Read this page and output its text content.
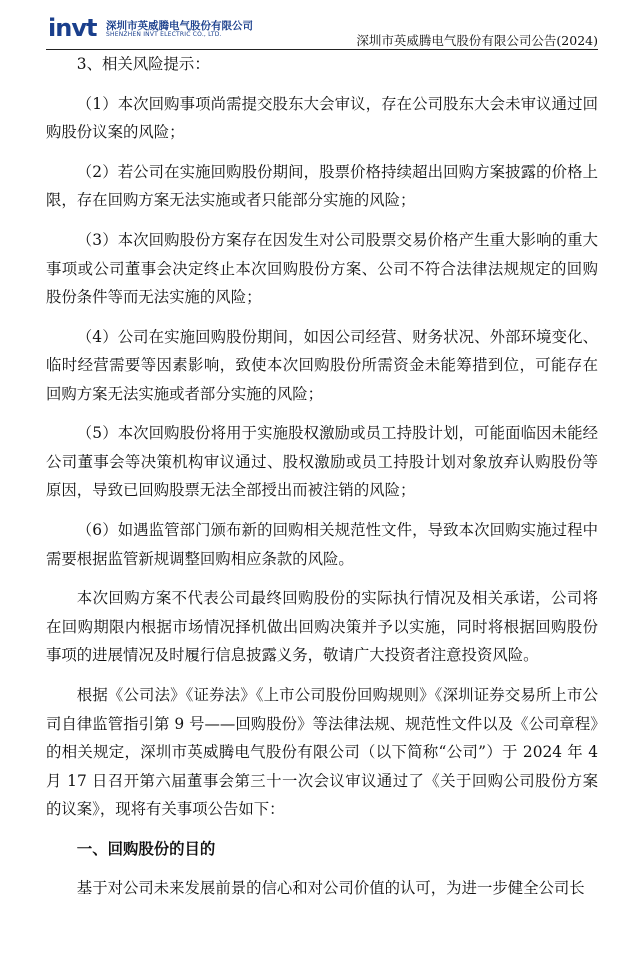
invt 深圳市英威腾电气股份有限公司
SHENZHEN INVT ELECTRIC CO., LTD.	深圳市英威腾电气股份有限公司公告(2024)

3、相关风险提示：

（1）本次回购事项尚需提交股东大会审议，存在公司股东大会未审议通过回购股份议案的风险；

（2）若公司在实施回购股份期间，股票价格持续超出回购方案披露的价格上限，存在回购方案无法实施或者只能部分实施的风险；

（3）本次回购股份方案存在因发生对公司股票交易价格产生重大影响的重大事项或公司董事会决定终止本次回购股份方案、公司不符合法律法规规定的回购股份条件等而无法实施的风险；

（4）公司在实施回购股份期间，如因公司经营、财务状况、外部环境变化、临时经营需要等因素影响，致使本次回购股份所需资金未能筹措到位，可能存在回购方案无法实施或者部分实施的风险；

（5）本次回购股份将用于实施股权激励或员工持股计划，可能面临因未能经公司董事会等决策机构审议通过、股权激励或员工持股计划对象放弃认购股份等原因，导致已回购股票无法全部授出而被注销的风险；

（6）如遇监管部门颁布新的回购相关规范性文件，导致本次回购实施过程中需要根据监管新规调整回购相应条款的风险。

本次回购方案不代表公司最终回购股份的实际执行情况及相关承诺，公司将在回购期限内根据市场情况择机做出回购决策并予以实施，同时将根据回购股份事项的进展情况及时履行信息披露义务，敬请广大投资者注意投资风险。

根据《公司法》《证券法》《上市公司股份回购规则》《深圳证券交易所上市公司自律监管指引第 9 号——回购股份》等法律法规、规范性文件以及《公司章程》的相关规定，深圳市英威腾电气股份有限公司（以下简称“公司”）于 2024 年 4 月 17 日召开第六届董事会第三十一次会议审议通过了《关于回购公司股份方案的议案》，现将有关事项公告如下：

一、回购股份的目的

基于对公司未来发展前景的信心和对公司价值的认可，为进一步健全公司长
